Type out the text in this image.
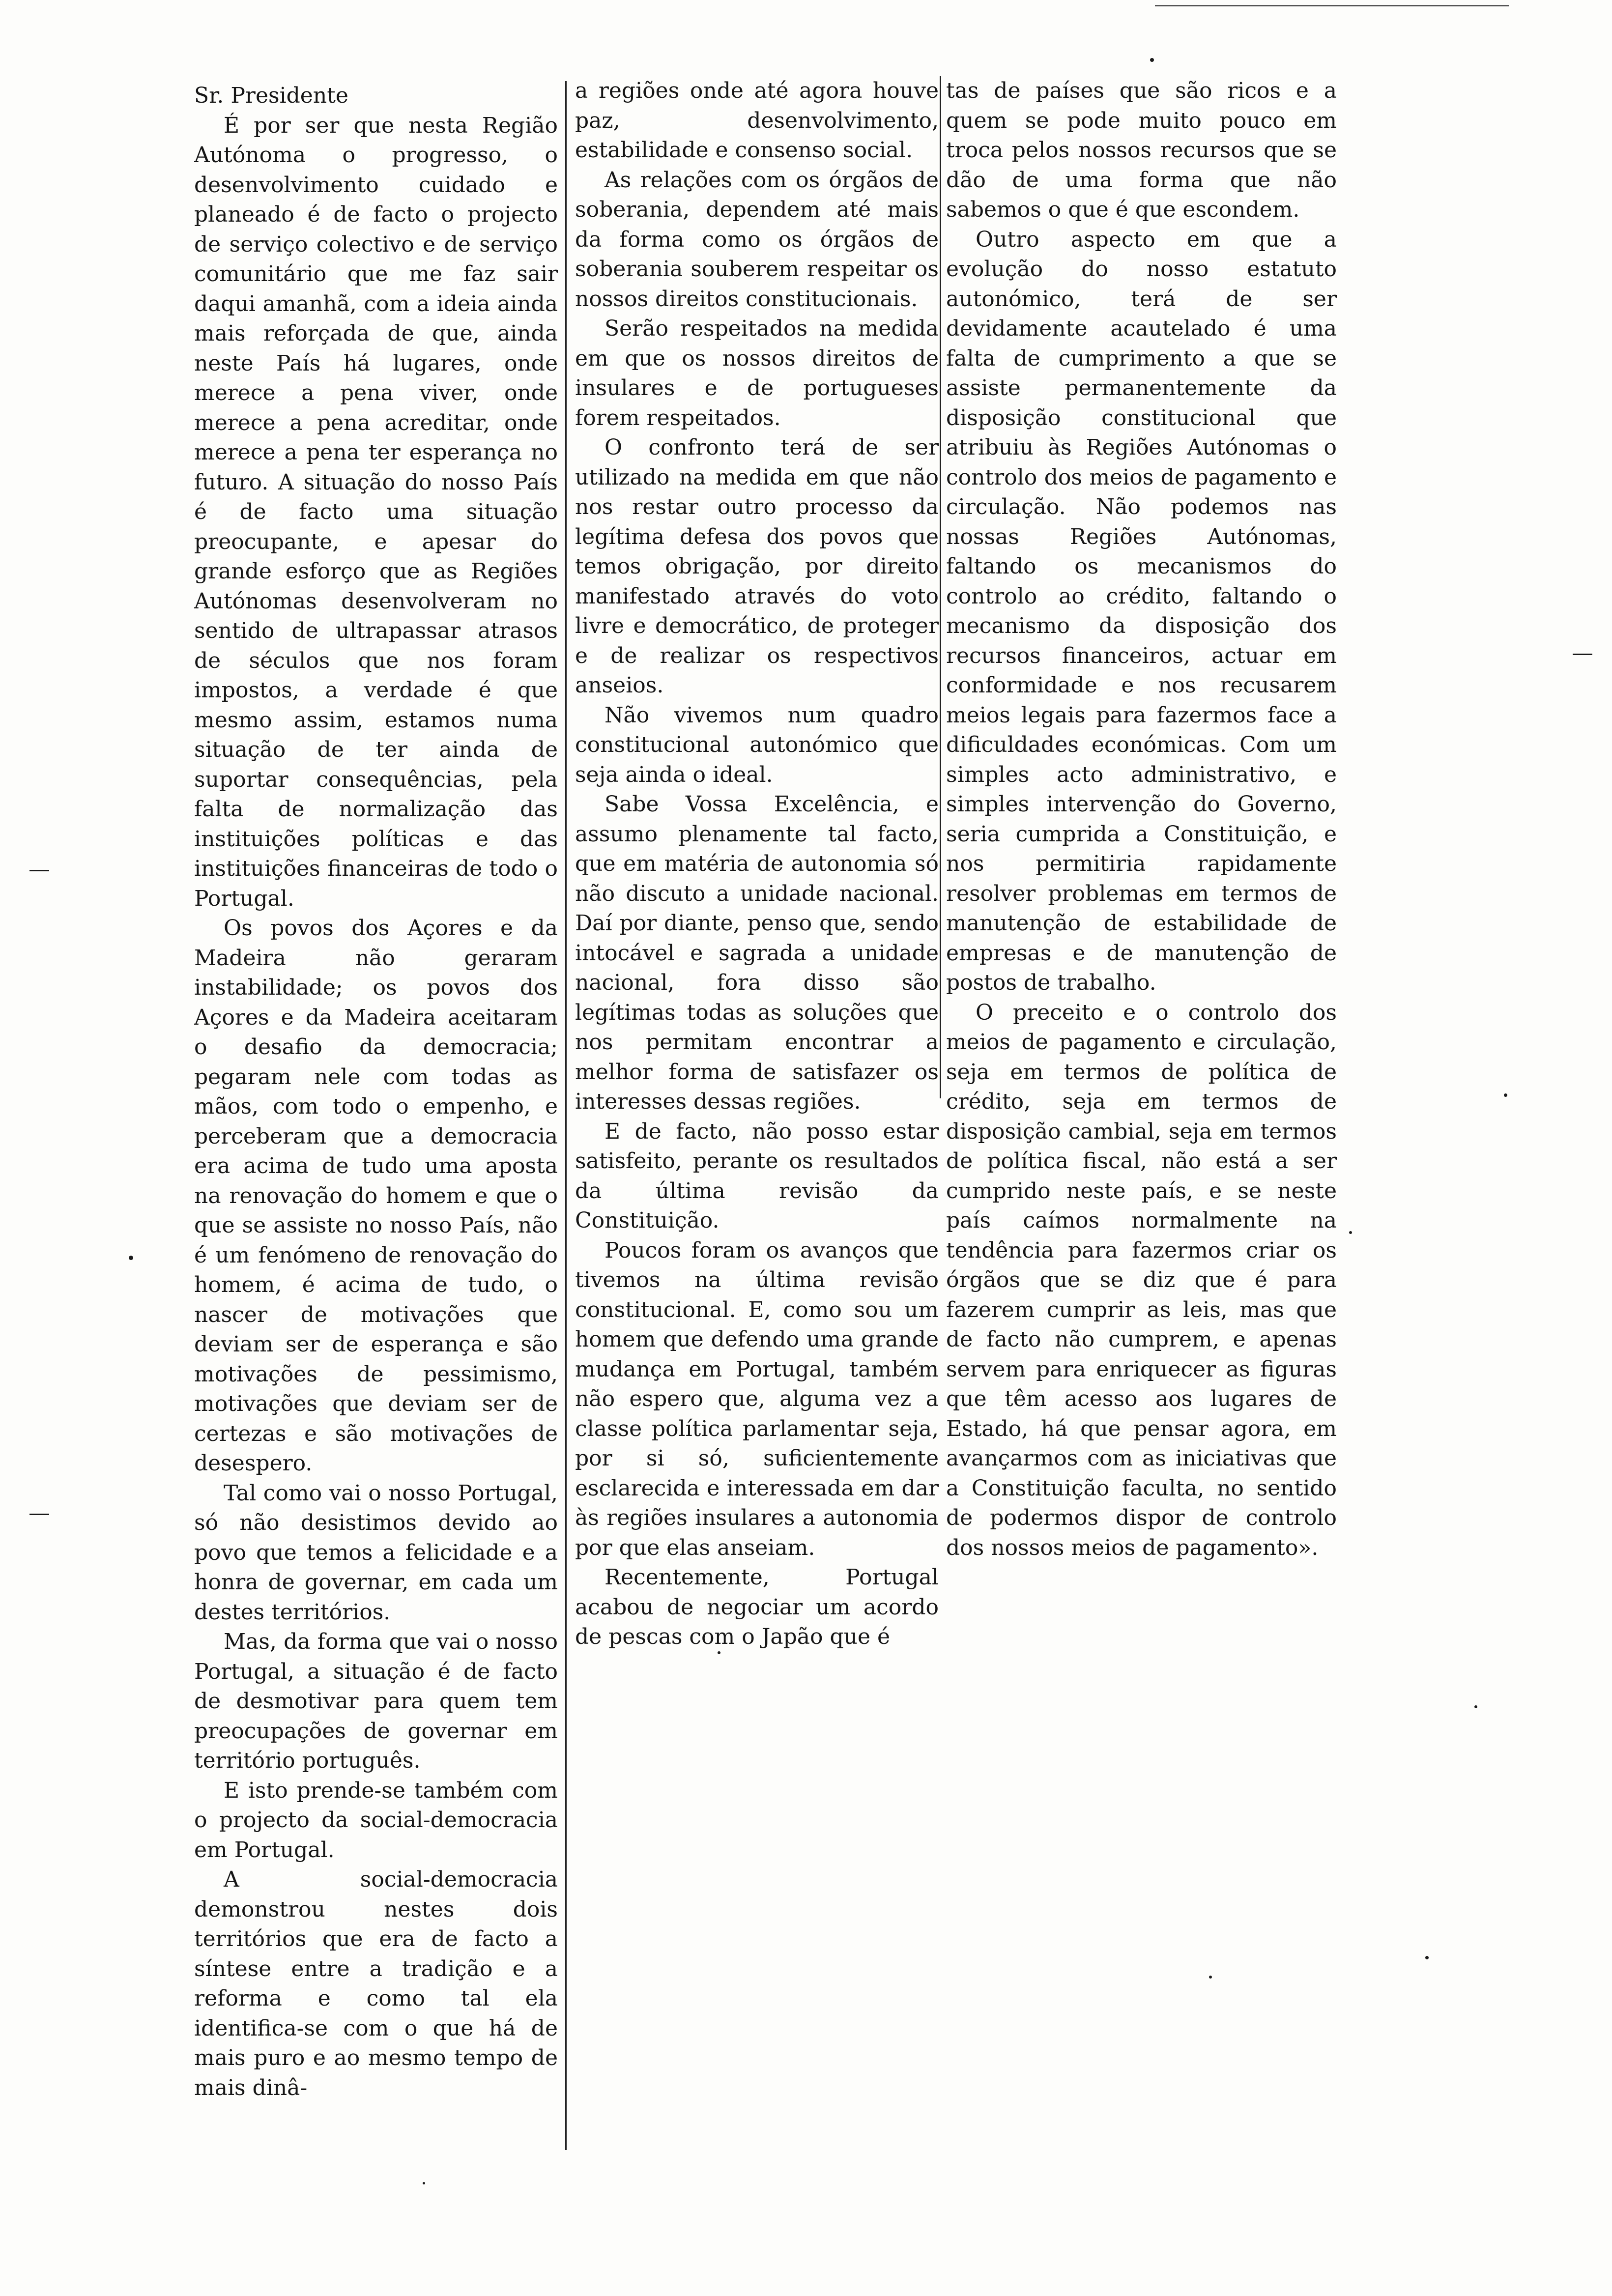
Sr. Presidente

É por ser que nesta Região Autónoma o progresso, o desenvolvimento cuidado e planeado é de facto o projecto de serviço colectivo e de serviço comunitário que me faz sair daqui amanhã, com a ideia ainda mais reforçada de que, ainda neste País há lugares, onde merece a pena viver, onde merece a pena acreditar, onde merece a pena ter esperança no futuro. A situação do nosso País é de facto uma situação preocupante, e apesar do grande esforço que as Regiões Autónomas desenvolveram no sentido de ultrapassar atrasos de séculos que nos foram impostos, a verdade é que mesmo assim, estamos numa situação de ter ainda de suportar consequências, pela falta de normalização das instituições políticas e das instituições financeiras de todo o Portugal.

Os povos dos Açores e da Madeira não geraram instabilidade; os povos dos Açores e da Madeira aceitaram o desafio da democracia; pegaram nele com todas as mãos, com todo o empenho, e perceberam que a democracia era acima de tudo uma aposta na renovação do homem e que o que se assiste no nosso País, não é um fenómeno de renovação do homem, é acima de tudo, o nascer de motivações que deviam ser de esperança e são motivações de pessimismo, motivações que deviam ser de certezas e são motivações de desespero.

Tal como vai o nosso Portugal, só não desistimos devido ao povo que temos a felicidade e a honra de governar, em cada um destes territórios.

Mas, da forma que vai o nosso Portugal, a situação é de facto de desmotivar para quem tem preocupações de governar em território português.

E isto prende-se também com o projecto da social-democracia em Portugal.

A social-democracia demonstrou nestes dois territórios que era de facto a síntese entre a tradição e a reforma e como tal ela identifica-se com o que há de mais puro e ao mesmo tempo de mais dinâ-

a regiões onde até agora houve paz, desenvolvimento, estabilidade e consenso social.

As relações com os órgãos de soberania, dependem até mais da forma como os órgãos de soberania souberem respeitar os nossos direitos constitucionais.

Serão respeitados na medida em que os nossos direitos de insulares e de portugueses forem respeitados.

O confronto terá de ser utilizado na medida em que não nos restar outro processo da legítima defesa dos povos que temos obrigação, por direito manifestado através do voto livre e democrático, de proteger e de realizar os respectivos anseios.

Não vivemos num quadro constitucional autonómico que seja ainda o ideal.

Sabe Vossa Excelência, e assumo plenamente tal facto, que em matéria de autonomia só não discuto a unidade nacional. Daí por diante, penso que, sendo intocável e sagrada a unidade nacional, fora disso são legítimas todas as soluções que nos permitam encontrar a melhor forma de satisfazer os interesses dessas regiões.

E de facto, não posso estar satisfeito, perante os resultados da última revisão da Constituição.

Poucos foram os avanços que tivemos na última revisão constitucional. E, como sou um homem que defendo uma grande mudança em Portugal, também não espero que, alguma vez a classe política parlamentar seja, por si só, suficientemente esclarecida e interessada em dar às regiões insulares a autonomia por que elas anseiam.

Recentemente, Portugal acabou de negociar um acordo de pescas com o Japão que é

tas de países que são ricos e a quem se pode muito pouco em troca pelos nossos recursos que se dão de uma forma que não sabemos o que é que escondem.

Outro aspecto em que a evolução do nosso estatuto autonómico, terá de ser devidamente acautelado é uma falta de cumprimento a que se assiste permanentemente da disposição constitucional que atribuiu às Regiões Autónomas o controlo dos meios de pagamento e circulação. Não podemos nas nossas Regiões Autónomas, faltando os mecanismos do controlo ao crédito, faltando o mecanismo da disposição dos recursos financeiros, actuar em conformidade e nos recusarem meios legais para fazermos face a dificuldades económicas. Com um simples acto administrativo, e simples intervenção do Governo, seria cumprida a Constituição, e nos permitiria rapidamente resolver problemas em termos de manutenção de estabilidade de empresas e de manutenção de postos de trabalho.

O preceito e o controlo dos meios de pagamento e circulação, seja em termos de política de crédito, seja em termos de disposição cambial, seja em termos de política fiscal, não está a ser cumprido neste país, e se neste país caímos normalmente na tendência para fazermos criar os órgãos que se diz que é para fazerem cumprir as leis, mas que de facto não cumprem, e apenas servem para enriquecer as figuras que têm acesso aos lugares de Estado, há que pensar agora, em avançarmos com as iniciativas que a Constituição faculta, no sentido de podermos dispor de controlo dos nossos meios de pagamento».
